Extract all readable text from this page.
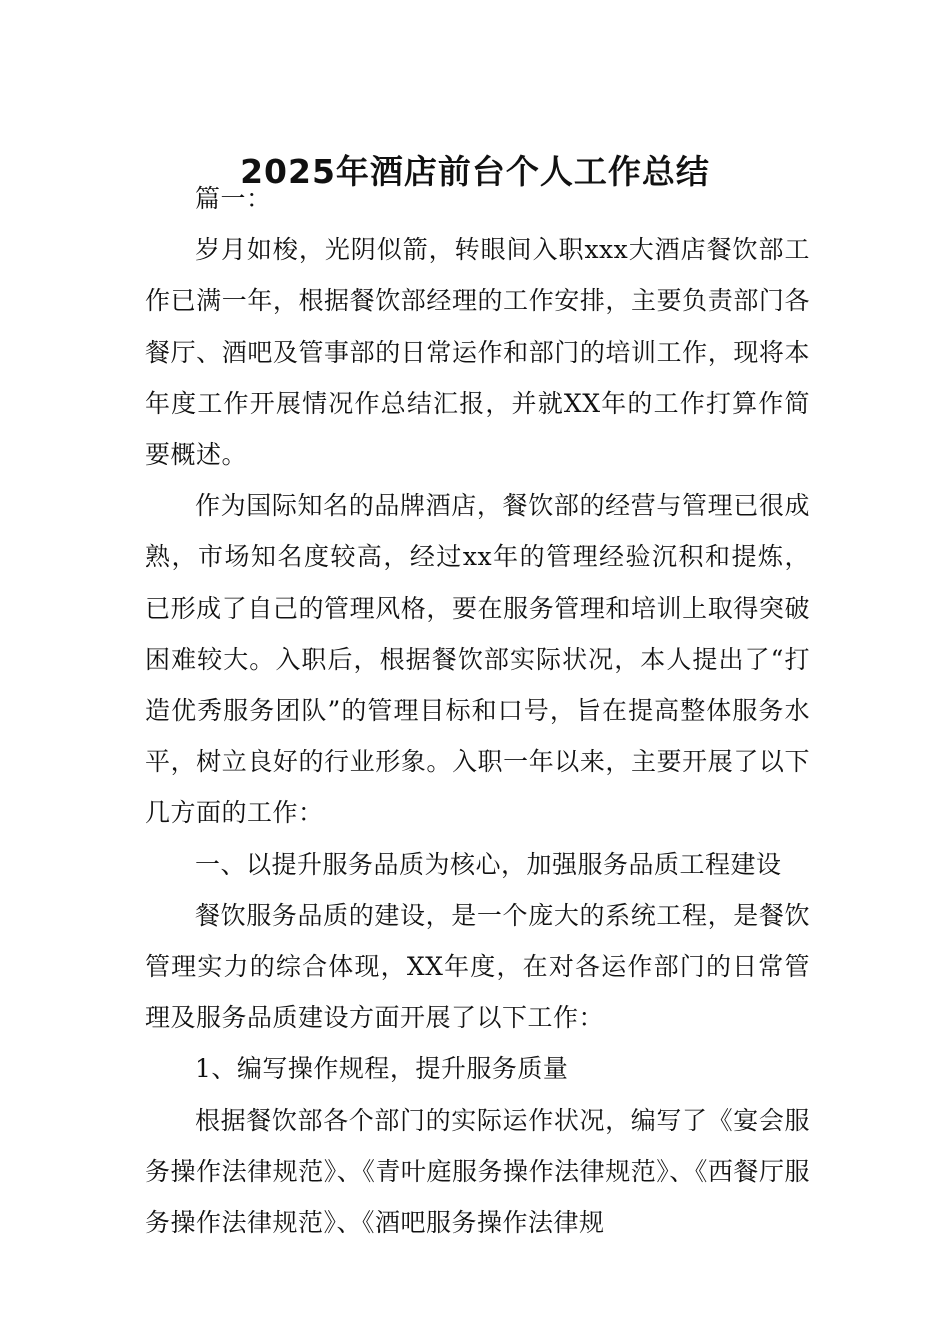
2025年酒店前台个人工作总结

篇一：

岁月如梭，光阴似箭，转眼间入职xxx大酒店餐饮部工作已满一年，根据餐饮部经理的工作安排，主要负责部门各餐厅、酒吧及管事部的日常运作和部门的培训工作，现将本年度工作开展情况作总结汇报，并就XX年的工作打算作简要概述。

作为国际知名的品牌酒店，餐饮部的经营与管理已很成熟，市场知名度较高，经过xx年的管理经验沉积和提炼，已形成了自己的管理风格，要在服务管理和培训上取得突破困难较大。入职后，根据餐饮部实际状况，本人提出了“打造优秀服务团队”的管理目标和口号，旨在提高整体服务水平，树立良好的行业形象。入职一年以来，主要开展了以下几方面的工作：

一、以提升服务品质为核心，加强服务品质工程建设

餐饮服务品质的建设，是一个庞大的系统工程，是餐饮管理实力的综合体现，XX年度，在对各运作部门的日常管理及服务品质建设方面开展了以下工作：

1、编写操作规程，提升服务质量

根据餐饮部各个部门的实际运作状况，编写了《宴会服务操作法律规范》、《青叶庭服务操作法律规范》、《西餐厅服务操作法律规范》、《酒吧服务操作法律规
